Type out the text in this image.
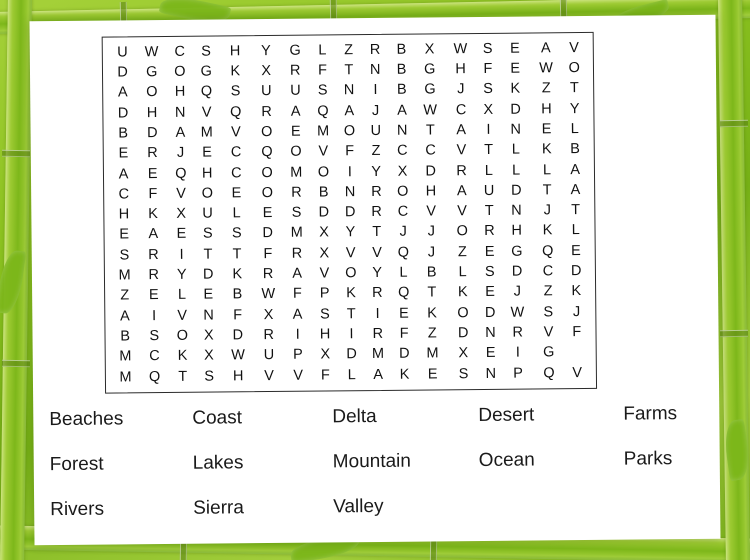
U	W	C	S	H	Y	G	L	Z	R	B	X	W	S	E	A	V
D	G	O	G	K	X	R	F	T	N	B	G	H	F	E	W	O
A	O	H	Q	S	U	U	S	N	I	B	G	J	S	K	Z	T
D	H	N	V	Q	R	A	Q	A	J	A	W	C	X	D	H	Y
B	D	A	M	V	O	E	M	O	U	N	T	A	I	N	E	L
E	R	J	E	C	Q	O	V	F	Z	C	C	V	T	L	K	B
A	E	Q	H	C	O	M	O	I	Y	X	D	R	L	L	L	A
C	F	V	O	E	O	R	B	N	R	O	H	A	U	D	T	A
H	K	X	U	L	E	S	D	D	R	C	V	V	T	N	J	T
E	A	E	S	S	D	M	X	Y	T	J	J	O	R	H	K	L
S	R	I	T	T	F	R	X	V	V	Q	J	Z	E	G	Q	E
M	R	Y	D	K	R	A	V	O	Y	L	B	L	S	D	C	D
Z	E	L	E	B	W	F	P	K	R	Q	T	K	E	J	Z	K
A	I	V	N	F	X	A	S	T	I	E	K	O	D	W	S	J
B	S	O	X	D	R	I	H	I	R	F	Z	D	N	R	V	F
M	C	K	X	W	U	P	X	D	M	D	M	X	E	I	G	
M	Q	T	S	H	V	V	F	L	A	K	E	S	N	P	Q	V
Beaches	Coast	Delta	Desert	Farms
Forest	Lakes	Mountain	Ocean	Parks
Rivers	Sierra	Valley
